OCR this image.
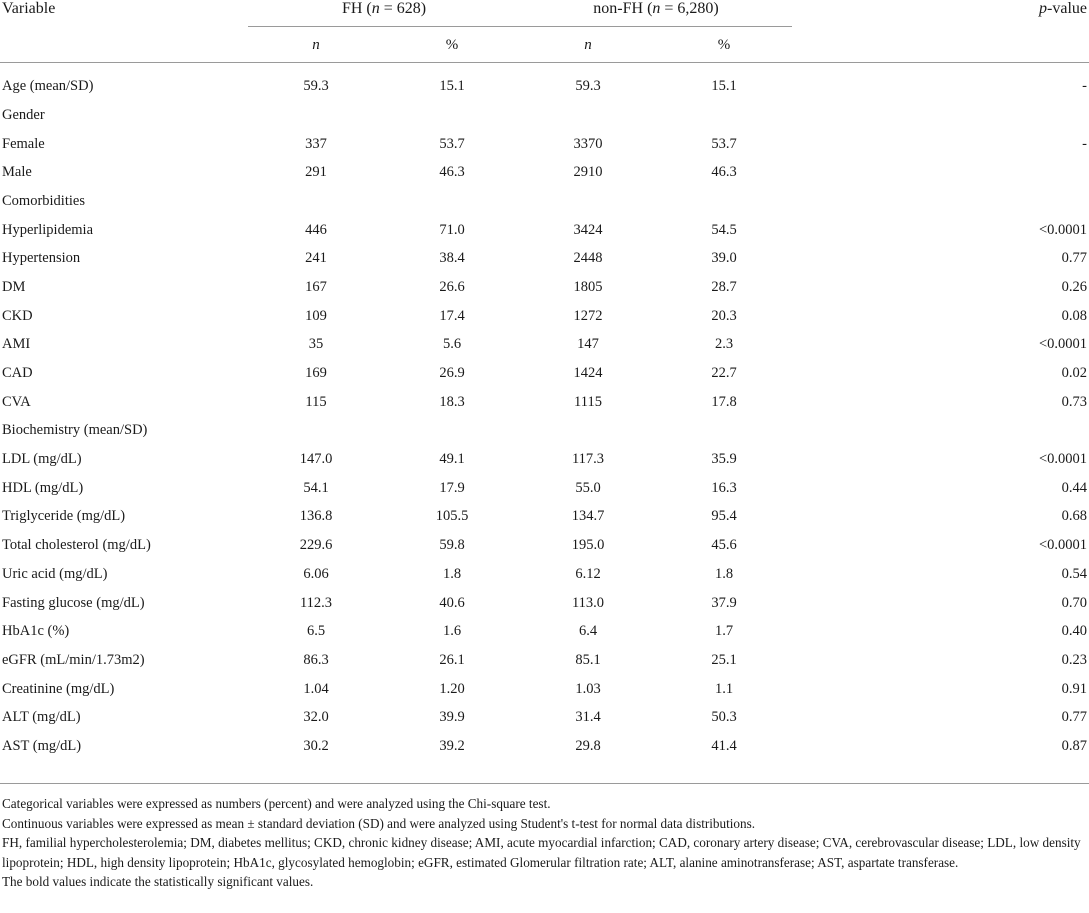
Variable	FH (n = 628)		non-FH (n = 6,280)			p-value
	n	%	n	%		
Age (mean/SD)	59.3	15.1	59.3	15.1		-
Gender						
Female	337	53.7	3370	53.7		-
Male	291	46.3	2910	46.3		
Comorbidities						
Hyperlipidemia	446	71.0	3424	54.5		<0.0001
Hypertension	241	38.4	2448	39.0		0.77
DM	167	26.6	1805	28.7		0.26
CKD	109	17.4	1272	20.3		0.08
AMI	35	5.6	147	2.3		<0.0001
CAD	169	26.9	1424	22.7		0.02
CVA	115	18.3	1115	17.8		0.73
Biochemistry (mean/SD)						
LDL (mg/dL)	147.0	49.1	117.3	35.9		<0.0001
HDL (mg/dL)	54.1	17.9	55.0	16.3		0.44
Triglyceride (mg/dL)	136.8	105.5	134.7	95.4		0.68
Total cholesterol (mg/dL)	229.6	59.8	195.0	45.6		<0.0001
Uric acid (mg/dL)	6.06	1.8	6.12	1.8		0.54
Fasting glucose (mg/dL)	112.3	40.6	113.0	37.9		0.70
HbA1c (%)	6.5	1.6	6.4	1.7		0.40
eGFR (mL/min/1.73m2)	86.3	26.1	85.1	25.1		0.23
Creatinine (mg/dL)	1.04	1.20	1.03	1.1		0.91
ALT (mg/dL)	32.0	39.9	31.4	50.3		0.77
AST (mg/dL)	30.2	39.2	29.8	41.4		0.87

Categorical variables were expressed as numbers (percent) and were analyzed using the Chi-square test.

Continuous variables were expressed as mean ± standard deviation (SD) and were analyzed using Student's t-test for normal data distributions.

FH, familial hypercholesterolemia; DM, diabetes mellitus; CKD, chronic kidney disease; AMI, acute myocardial infarction; CAD, coronary artery disease; CVA, cerebrovascular disease; LDL, low density lipoprotein; HDL, high density lipoprotein; HbA1c, glycosylated hemoglobin; eGFR, estimated Glomerular filtration rate; ALT, alanine aminotransferase; AST, aspartate transferase.

The bold values indicate the statistically significant values.
